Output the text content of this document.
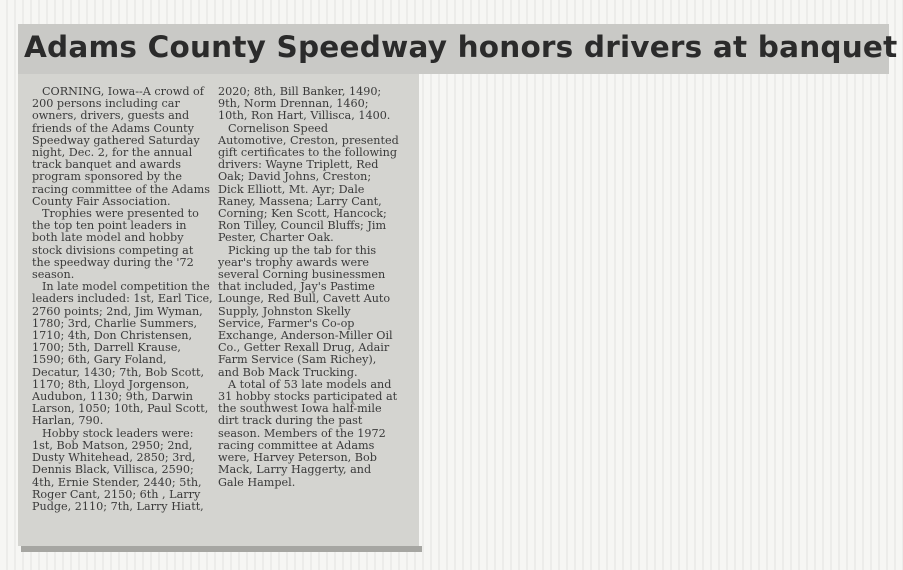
Adams County Speedway honors drivers at banquet

CORNING, Iowa--A crowd of 200 persons including car owners, drivers, guests and friends of the Adams County Speedway gathered Saturday night, Dec. 2, for the annual track banquet and awards program sponsored by the racing committee of the Adams County Fair Association.

Trophies were presented to the top ten point leaders in both late model and hobby stock divisions competing at the speedway during the '72 season.

In late model competition the leaders included: 1st, Earl Tice, 2760 points; 2nd, Jim Wyman, 1780; 3rd, Charlie Summers, 1710; 4th, Don Christensen, 1700; 5th, Darrell Krause, 1590; 6th, Gary Foland, Decatur, 1430; 7th, Bob Scott, 1170; 8th, Lloyd Jorgenson, Audubon, 1130; 9th, Darwin Larson, 1050; 10th, Paul Scott, Harlan, 790.

Hobby stock leaders were: 1st, Bob Matson, 2950; 2nd, Dusty Whitehead, 2850; 3rd, Dennis Black, Villisca, 2590; 4th, Ernie Stender, 2440; 5th, Roger Cant, 2150; 6th , Larry Pudge, 2110; 7th, Larry Hiatt,

2020; 8th, Bill Banker, 1490; 9th, Norm Drennan, 1460; 10th, Ron Hart, Villisca, 1400.

Cornelison Speed Automotive, Creston, presented gift certificates to the following drivers: Wayne Triplett, Red Oak; David Johns, Creston; Dick Elliott, Mt. Ayr; Dale Raney, Massena; Larry Cant, Corning; Ken Scott, Hancock; Ron Tilley, Council Bluffs; Jim Pester, Charter Oak.

Picking up the tab for this year's trophy awards were several Corning businessmen that included, Jay's Pastime Lounge, Red Bull, Cavett Auto Supply, Johnston Skelly Service, Farmer's Co-op Exchange, Anderson-Miller Oil Co., Getter Rexall Drug, Adair Farm Service (Sam Richey), and Bob Mack Trucking.

A total of 53 late models and 31 hobby stocks participated at the southwest Iowa half-mile dirt track during the past season. Members of the 1972 racing committee at Adams were, Harvey Peterson, Bob Mack, Larry Haggerty, and Gale Hampel.
